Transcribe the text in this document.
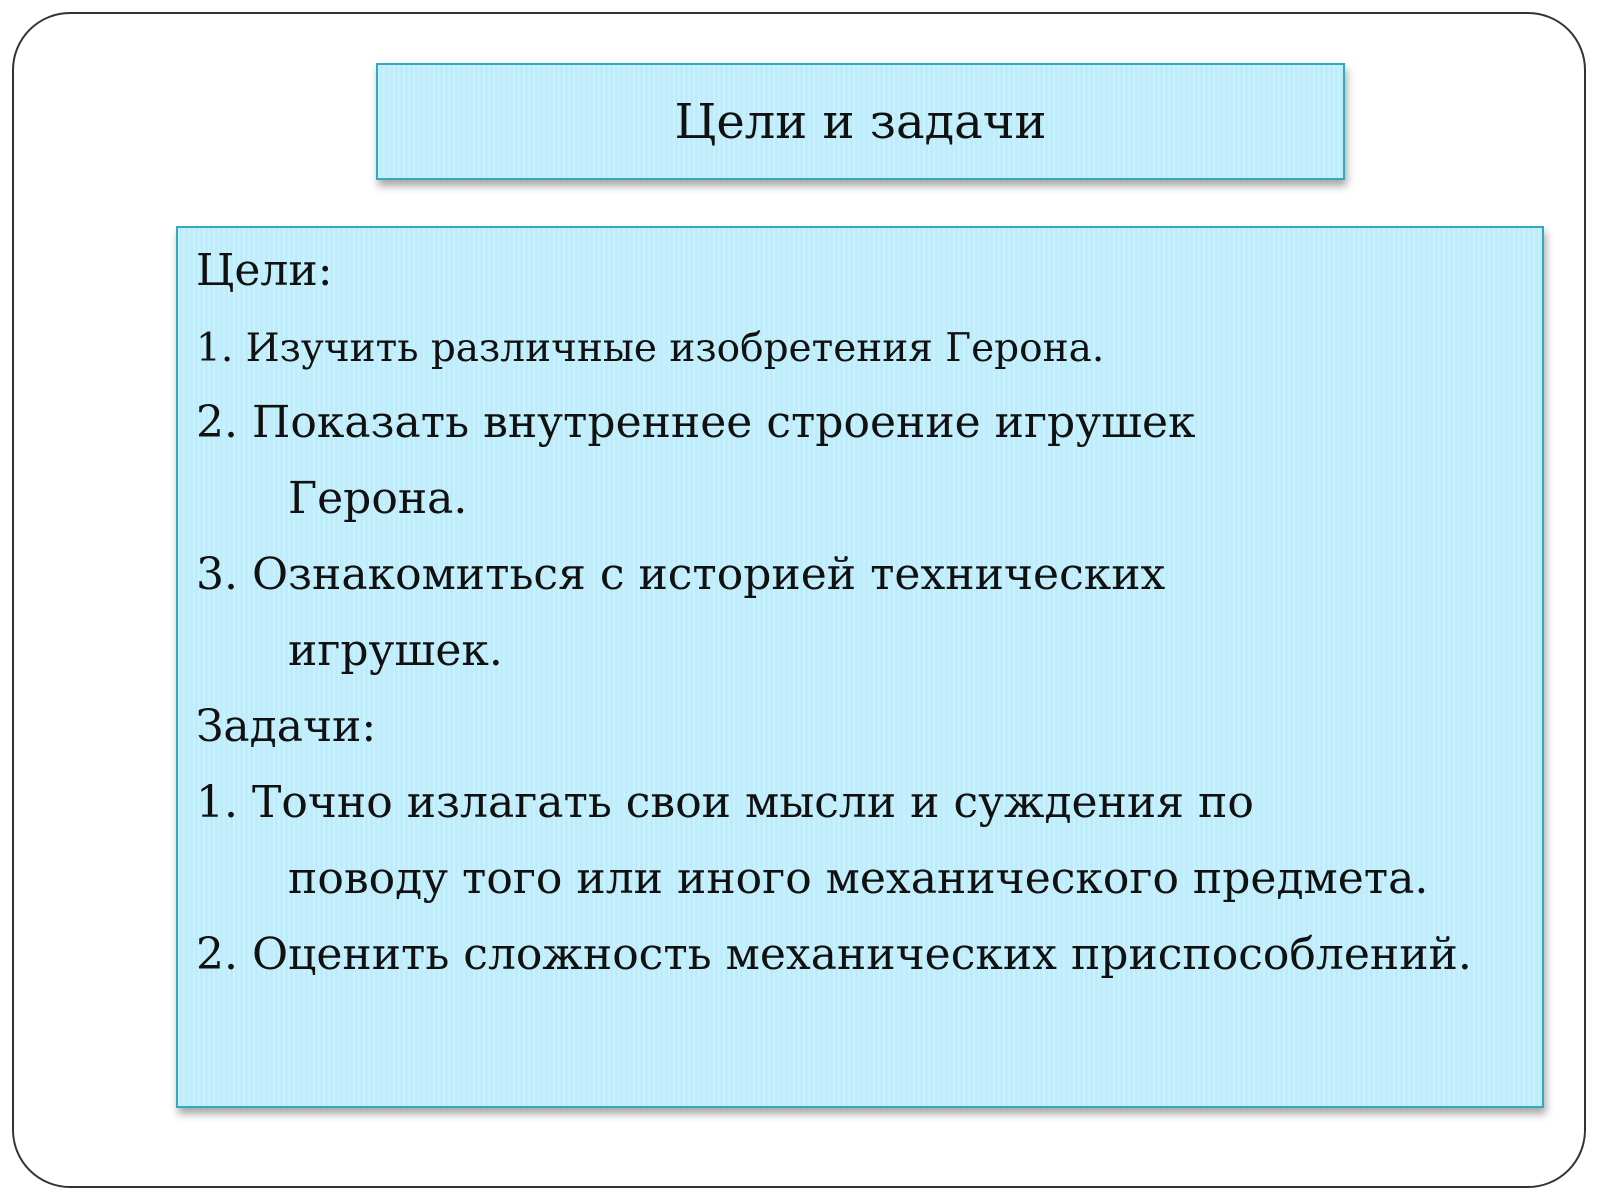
Цели и задачи
Цели:
1. Изучить различные изобретения Герона.
2. Показать внутреннее строение игрушек
Герона.
3. Ознакомиться с историей технических
игрушек.
Задачи:
1. Точно излагать свои мысли и суждения по
поводу того или иного механического предмета.
2. Оценить сложность механических приспособлений.
